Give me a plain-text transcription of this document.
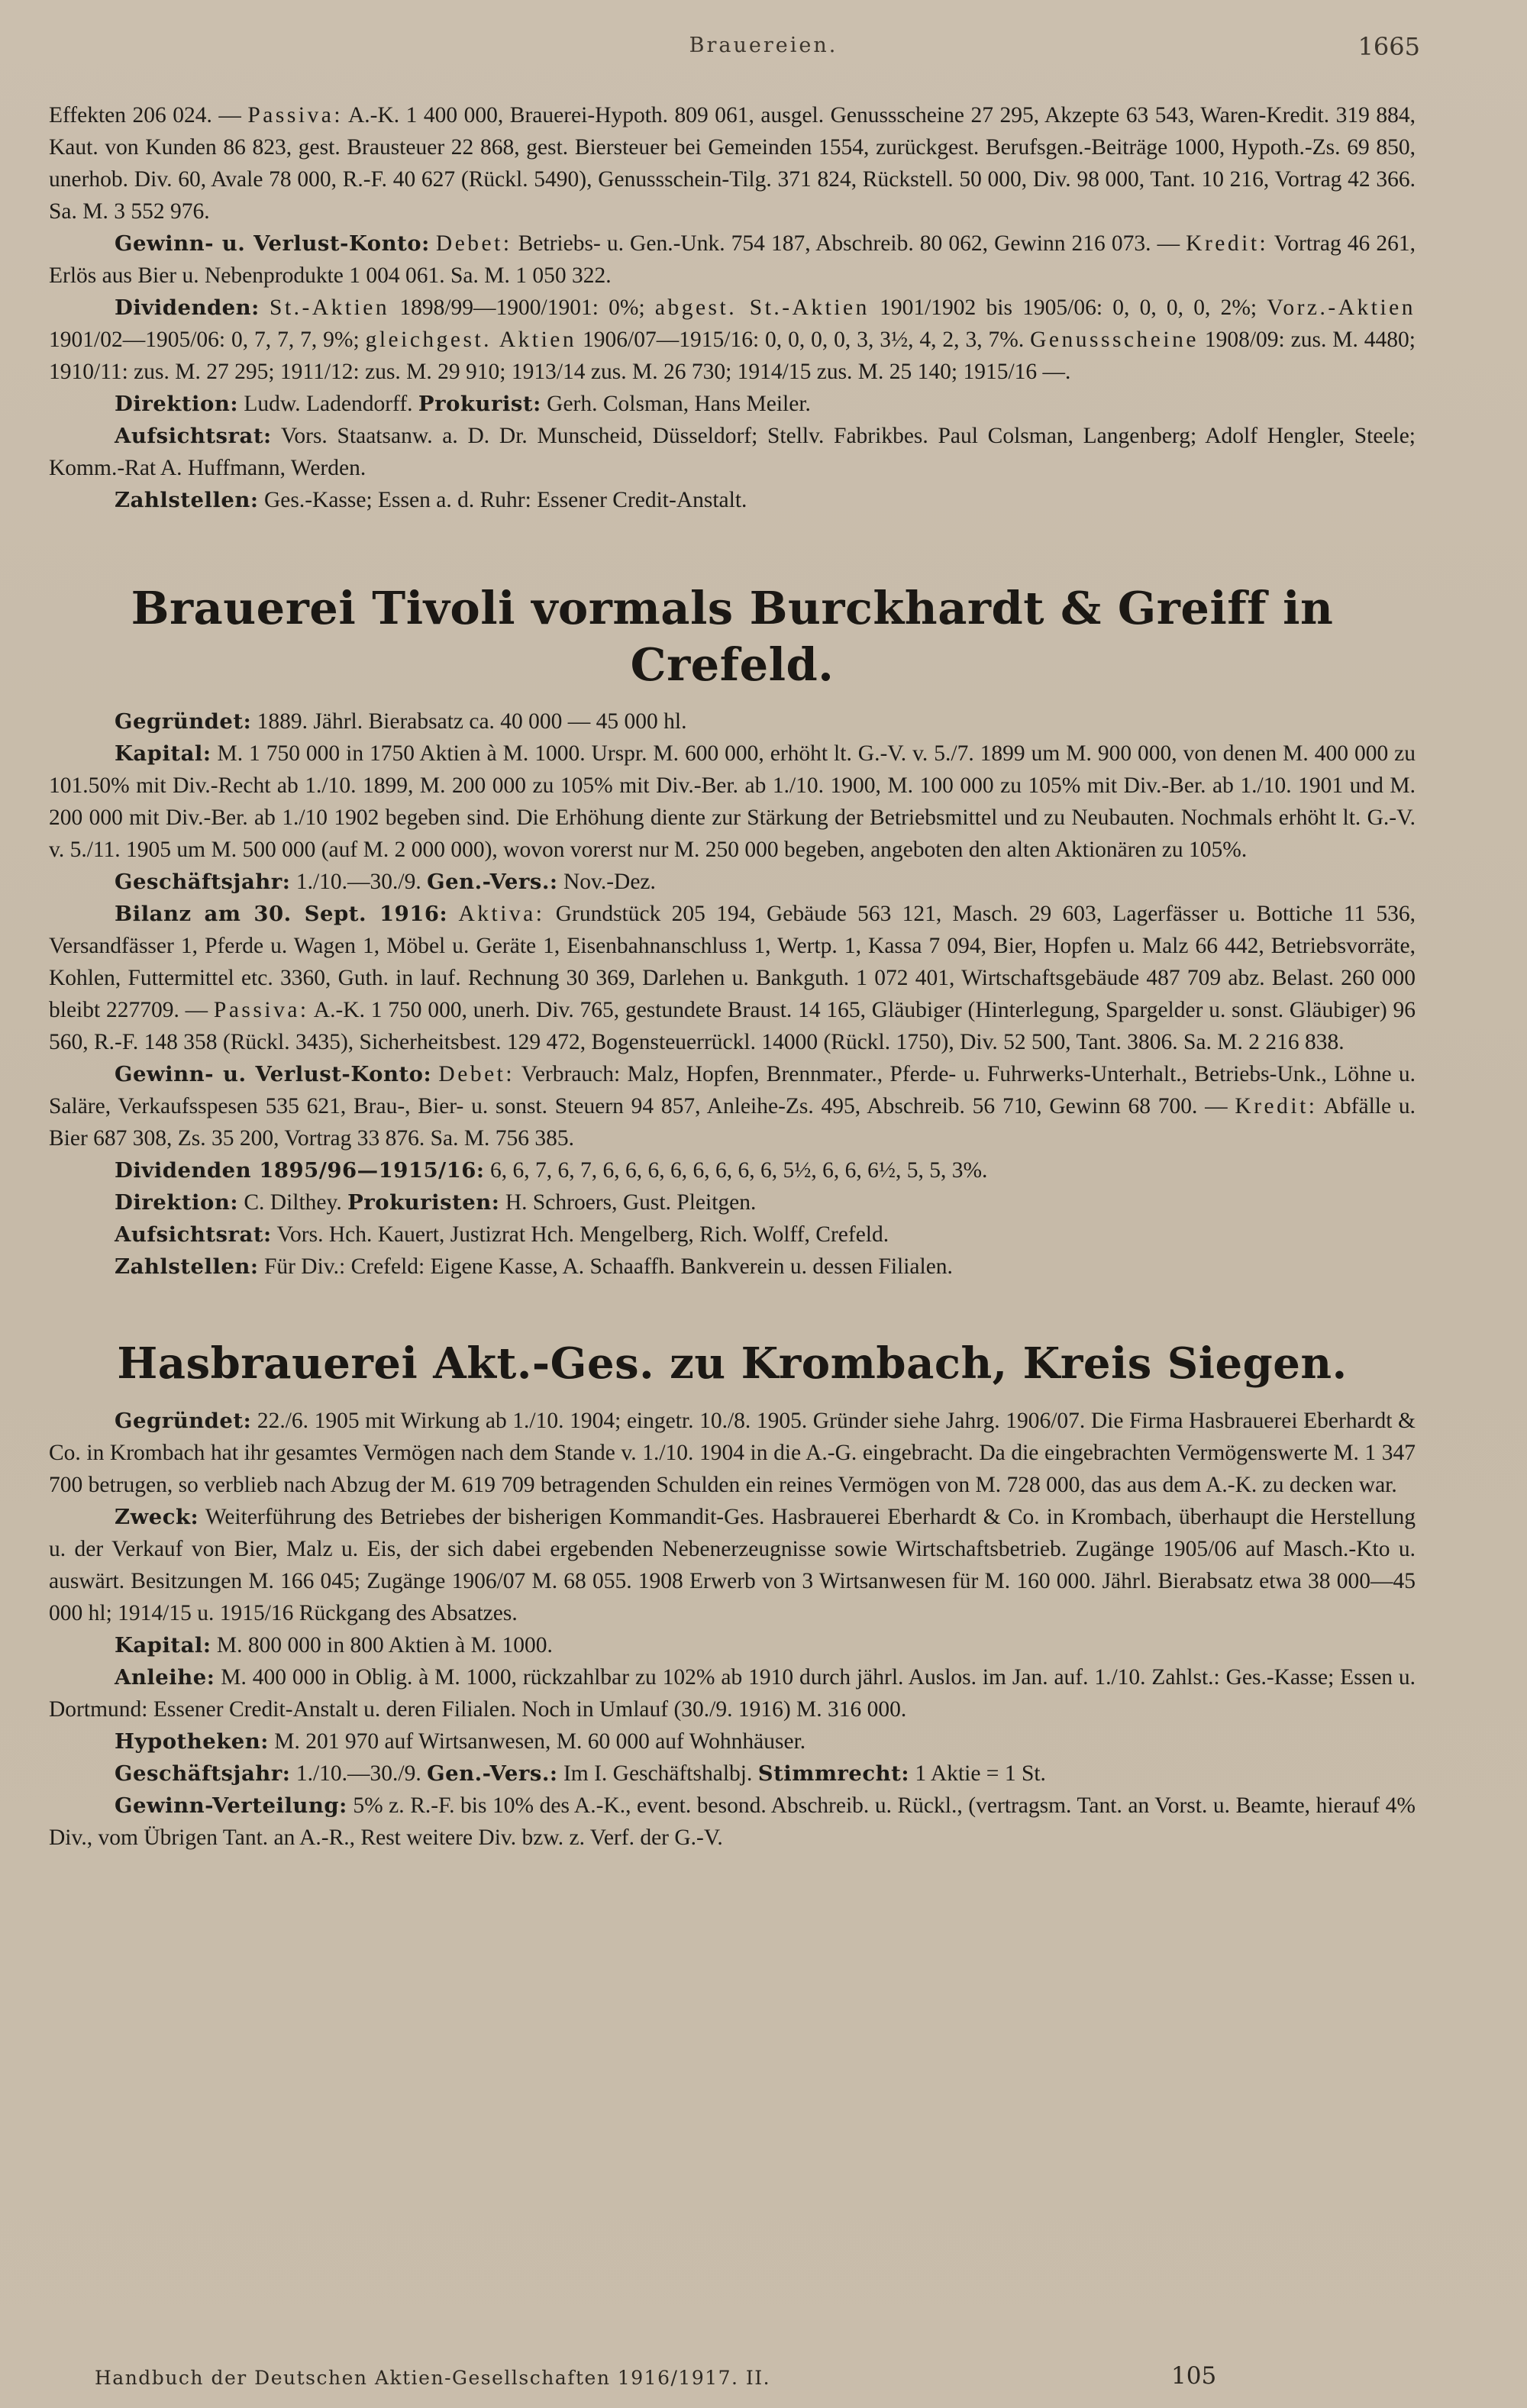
Brauereien.	1665

Effekten 206 024. — Passiva: A.-K. 1 400 000, Brauerei-Hypoth. 809 061, ausgel. Genussscheine 27 295, Akzepte 63 543, Waren-Kredit. 319 884, Kaut. von Kunden 86 823, gest. Brausteuer 22 868, gest. Biersteuer bei Gemeinden 1554, zurückgest. Berufsgen.-Beiträge 1000, Hypoth.-Zs. 69 850, unerhob. Div. 60, Avale 78 000, R.-F. 40 627 (Rückl. 5490), Genussschein-Tilg. 371 824, Rückstell. 50 000, Div. 98 000, Tant. 10 216, Vortrag 42 366. Sa. M. 3 552 976.

Gewinn- u. Verlust-Konto: Debet: Betriebs- u. Gen.-Unk. 754 187, Abschreib. 80 062, Gewinn 216 073. — Kredit: Vortrag 46 261, Erlös aus Bier u. Nebenprodukte 1 004 061. Sa. M. 1 050 322.

Dividenden: St.-Aktien 1898/99—1900/1901: 0%; abgest. St.-Aktien 1901/1902 bis 1905/06: 0, 0, 0, 0, 2%; Vorz.-Aktien 1901/02—1905/06: 0, 7, 7, 7, 9%; gleichgest. Aktien 1906/07—1915/16: 0, 0, 0, 0, 3, 3½, 4, 2, 3, 7%. Genussscheine 1908/09: zus. M. 4480; 1910/11: zus. M. 27 295; 1911/12: zus. M. 29 910; 1913/14 zus. M. 26 730; 1914/15 zus. M. 25 140; 1915/16 —.

Direktion: Ludw. Ladendorff. Prokurist: Gerh. Colsman, Hans Meiler.

Aufsichtsrat: Vors. Staatsanw. a. D. Dr. Munscheid, Düsseldorf; Stellv. Fabrikbes. Paul Colsman, Langenberg; Adolf Hengler, Steele; Komm.-Rat A. Huffmann, Werden.

Zahlstellen: Ges.-Kasse; Essen a. d. Ruhr: Essener Credit-Anstalt.

Brauerei Tivoli vormals Burckhardt & Greiff in Crefeld.

Gegründet: 1889. Jährl. Bierabsatz ca. 40 000 — 45 000 hl.

Kapital: M. 1 750 000 in 1750 Aktien à M. 1000. Urspr. M. 600 000, erhöht lt. G.-V. v. 5./7. 1899 um M. 900 000, von denen M. 400 000 zu 101.50% mit Div.-Recht ab 1./10. 1899, M. 200 000 zu 105% mit Div.-Ber. ab 1./10. 1900, M. 100 000 zu 105% mit Div.-Ber. ab 1./10. 1901 und M. 200 000 mit Div.-Ber. ab 1./10 1902 begeben sind. Die Erhöhung diente zur Stärkung der Betriebsmittel und zu Neubauten. Nochmals erhöht lt. G.-V. v. 5./11. 1905 um M. 500 000 (auf M. 2 000 000), wovon vorerst nur M. 250 000 begeben, angeboten den alten Aktionären zu 105%.

Geschäftsjahr: 1./10.—30./9. Gen.-Vers.: Nov.-Dez.

Bilanz am 30. Sept. 1916: Aktiva: Grundstück 205 194, Gebäude 563 121, Masch. 29 603, Lagerfässer u. Bottiche 11 536, Versandfässer 1, Pferde u. Wagen 1, Möbel u. Geräte 1, Eisenbahnanschluss 1, Wertp. 1, Kassa 7 094, Bier, Hopfen u. Malz 66 442, Betriebsvorräte, Kohlen, Futtermittel etc. 3360, Guth. in lauf. Rechnung 30 369, Darlehen u. Bankguth. 1 072 401, Wirtschaftsgebäude 487 709 abz. Belast. 260 000 bleibt 227709. — Passiva: A.-K. 1 750 000, unerh. Div. 765, gestundete Braust. 14 165, Gläubiger (Hinterlegung, Spargelder u. sonst. Gläubiger) 96 560, R.-F. 148 358 (Rückl. 3435), Sicherheitsbest. 129 472, Bogensteuerrückl. 14000 (Rückl. 1750), Div. 52 500, Tant. 3806. Sa. M. 2 216 838.

Gewinn- u. Verlust-Konto: Debet: Verbrauch: Malz, Hopfen, Brennmater., Pferde- u. Fuhrwerks-Unterhalt., Betriebs-Unk., Löhne u. Saläre, Verkaufsspesen 535 621, Brau-, Bier- u. sonst. Steuern 94 857, Anleihe-Zs. 495, Abschreib. 56 710, Gewinn 68 700. — Kredit: Abfälle u. Bier 687 308, Zs. 35 200, Vortrag 33 876. Sa. M. 756 385.

Dividenden 1895/96—1915/16: 6, 6, 7, 6, 7, 6, 6, 6, 6, 6, 6, 6, 6, 5½, 6, 6, 6½, 5, 5, 3%.

Direktion: C. Dilthey. Prokuristen: H. Schroers, Gust. Pleitgen.

Aufsichtsrat: Vors. Hch. Kauert, Justizrat Hch. Mengelberg, Rich. Wolff, Crefeld.

Zahlstellen: Für Div.: Crefeld: Eigene Kasse, A. Schaaffh. Bankverein u. dessen Filialen.

Hasbrauerei Akt.-Ges. zu Krombach, Kreis Siegen.

Gegründet: 22./6. 1905 mit Wirkung ab 1./10. 1904; eingetr. 10./8. 1905. Gründer siehe Jahrg. 1906/07. Die Firma Hasbrauerei Eberhardt & Co. in Krombach hat ihr gesamtes Vermögen nach dem Stande v. 1./10. 1904 in die A.-G. eingebracht. Da die eingebrachten Vermögenswerte M. 1 347 700 betrugen, so verblieb nach Abzug der M. 619 709 betragenden Schulden ein reines Vermögen von M. 728 000, das aus dem A.-K. zu decken war.

Zweck: Weiterführung des Betriebes der bisherigen Kommandit-Ges. Hasbrauerei Eberhardt & Co. in Krombach, überhaupt die Herstellung u. der Verkauf von Bier, Malz u. Eis, der sich dabei ergebenden Nebenerzeugnisse sowie Wirtschaftsbetrieb. Zugänge 1905/06 auf Masch.-Kto u. auswärt. Besitzungen M. 166 045; Zugänge 1906/07 M. 68 055. 1908 Erwerb von 3 Wirtsanwesen für M. 160 000. Jährl. Bierabsatz etwa 38 000—45 000 hl; 1914/15 u. 1915/16 Rückgang des Absatzes.

Kapital: M. 800 000 in 800 Aktien à M. 1000.

Anleihe: M. 400 000 in Oblig. à M. 1000, rückzahlbar zu 102% ab 1910 durch jährl. Auslos. im Jan. auf. 1./10. Zahlst.: Ges.-Kasse; Essen u. Dortmund: Essener Credit-Anstalt u. deren Filialen. Noch in Umlauf (30./9. 1916) M. 316 000.

Hypotheken: M. 201 970 auf Wirtsanwesen, M. 60 000 auf Wohnhäuser.

Geschäftsjahr: 1./10.—30./9. Gen.-Vers.: Im I. Geschäftshalbj. Stimmrecht: 1 Aktie = 1 St.

Gewinn-Verteilung: 5% z. R.-F. bis 10% des A.-K., event. besond. Abschreib. u. Rückl., (vertragsm. Tant. an Vorst. u. Beamte, hierauf 4% Div., vom Übrigen Tant. an A.-R., Rest weitere Div. bzw. z. Verf. der G.-V.

Handbuch der Deutschen Aktien-Gesellschaften 1916/1917. II.	105
